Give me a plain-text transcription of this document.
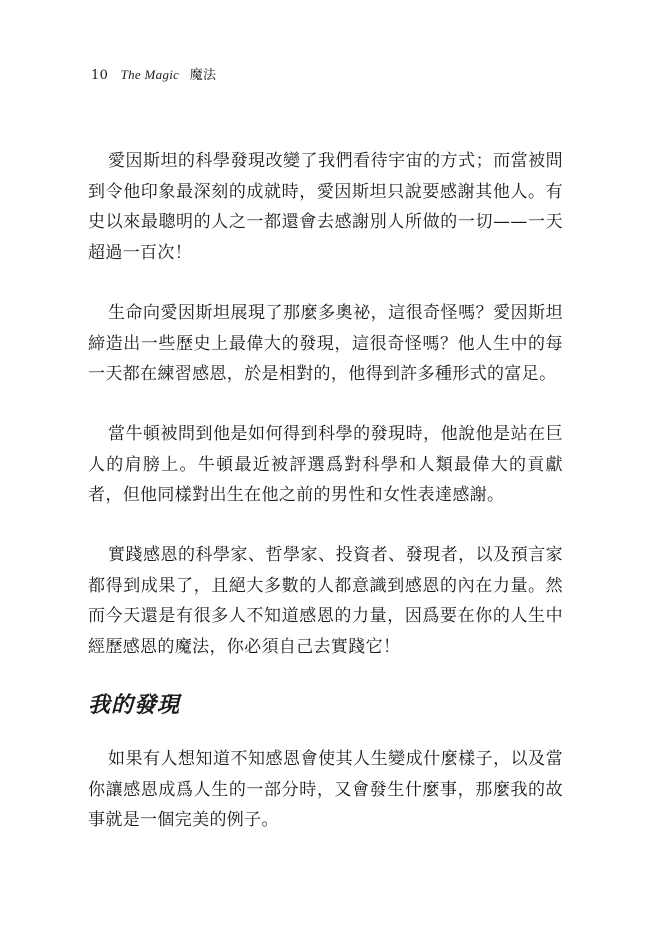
10 The Magic 魔法

愛因斯坦的科學發現改變了我們看待宇宙的方式；而當被問到令他印象最深刻的成就時，愛因斯坦只說要感謝其他人。有史以來最聰明的人之一都還會去感謝別人所做的一切——一天超過一百次！

生命向愛因斯坦展現了那麼多奧祕，這很奇怪嗎？愛因斯坦締造出一些歷史上最偉大的發現，這很奇怪嗎？他人生中的每一天都在練習感恩，於是相對的，他得到許多種形式的富足。

當牛頓被問到他是如何得到科學的發現時，他說他是站在巨人的肩膀上。牛頓最近被評選爲對科學和人類最偉大的貢獻者，但他同樣對出生在他之前的男性和女性表達感謝。

實踐感恩的科學家、哲學家、投資者、發現者，以及預言家都得到成果了，且絕大多數的人都意識到感恩的內在力量。然而今天還是有很多人不知道感恩的力量，因爲要在你的人生中經歷感恩的魔法，你必須自己去實踐它！

我的發現

如果有人想知道不知感恩會使其人生變成什麼樣子，以及當你讓感恩成爲人生的一部分時，又會發生什麼事，那麼我的故事就是一個完美的例子。
